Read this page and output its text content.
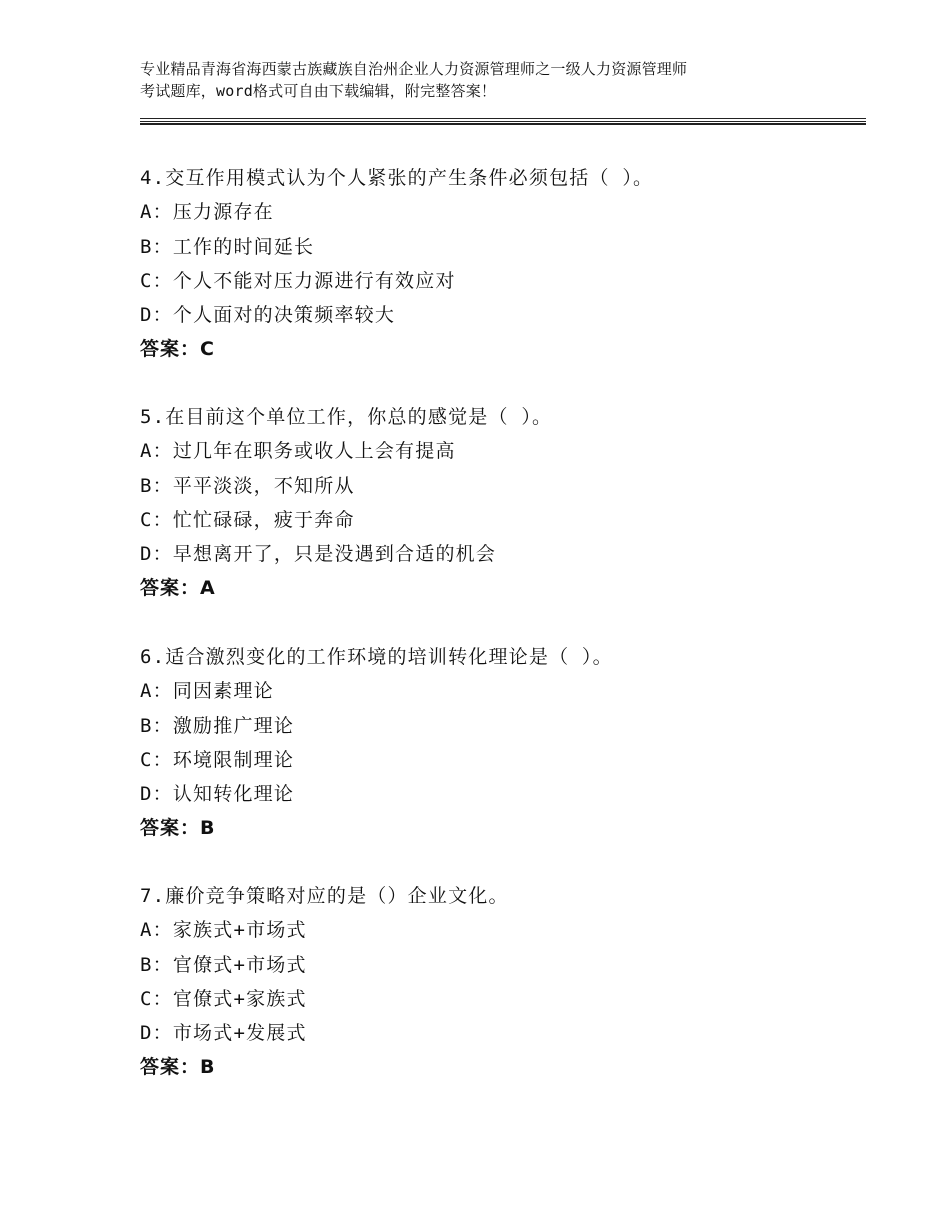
专业精品青海省海西蒙古族藏族自治州企业人力资源管理师之一级人力资源管理师
考试题库，word格式可自由下载编辑，附完整答案！
4.交互作用模式认为个人紧张的产生条件必须包括（ ）。
A：压力源存在
B：工作的时间延长
C：个人不能对压力源进行有效应对
D：个人面对的决策频率较大
答案：C
5.在目前这个单位工作，你总的感觉是（ ）。
A：过几年在职务或收人上会有提高
B：平平淡淡，不知所从
C：忙忙碌碌，疲于奔命
D：早想离开了，只是没遇到合适的机会
答案：A
6.适合激烈变化的工作环境的培训转化理论是（ ）。
A：同因素理论
B：激励推广理论
C：环境限制理论
D：认知转化理论
答案：B
7.廉价竞争策略对应的是（）企业文化。
A：家族式+市场式
B：官僚式+市场式
C：官僚式+家族式
D：市场式+发展式
答案：B
